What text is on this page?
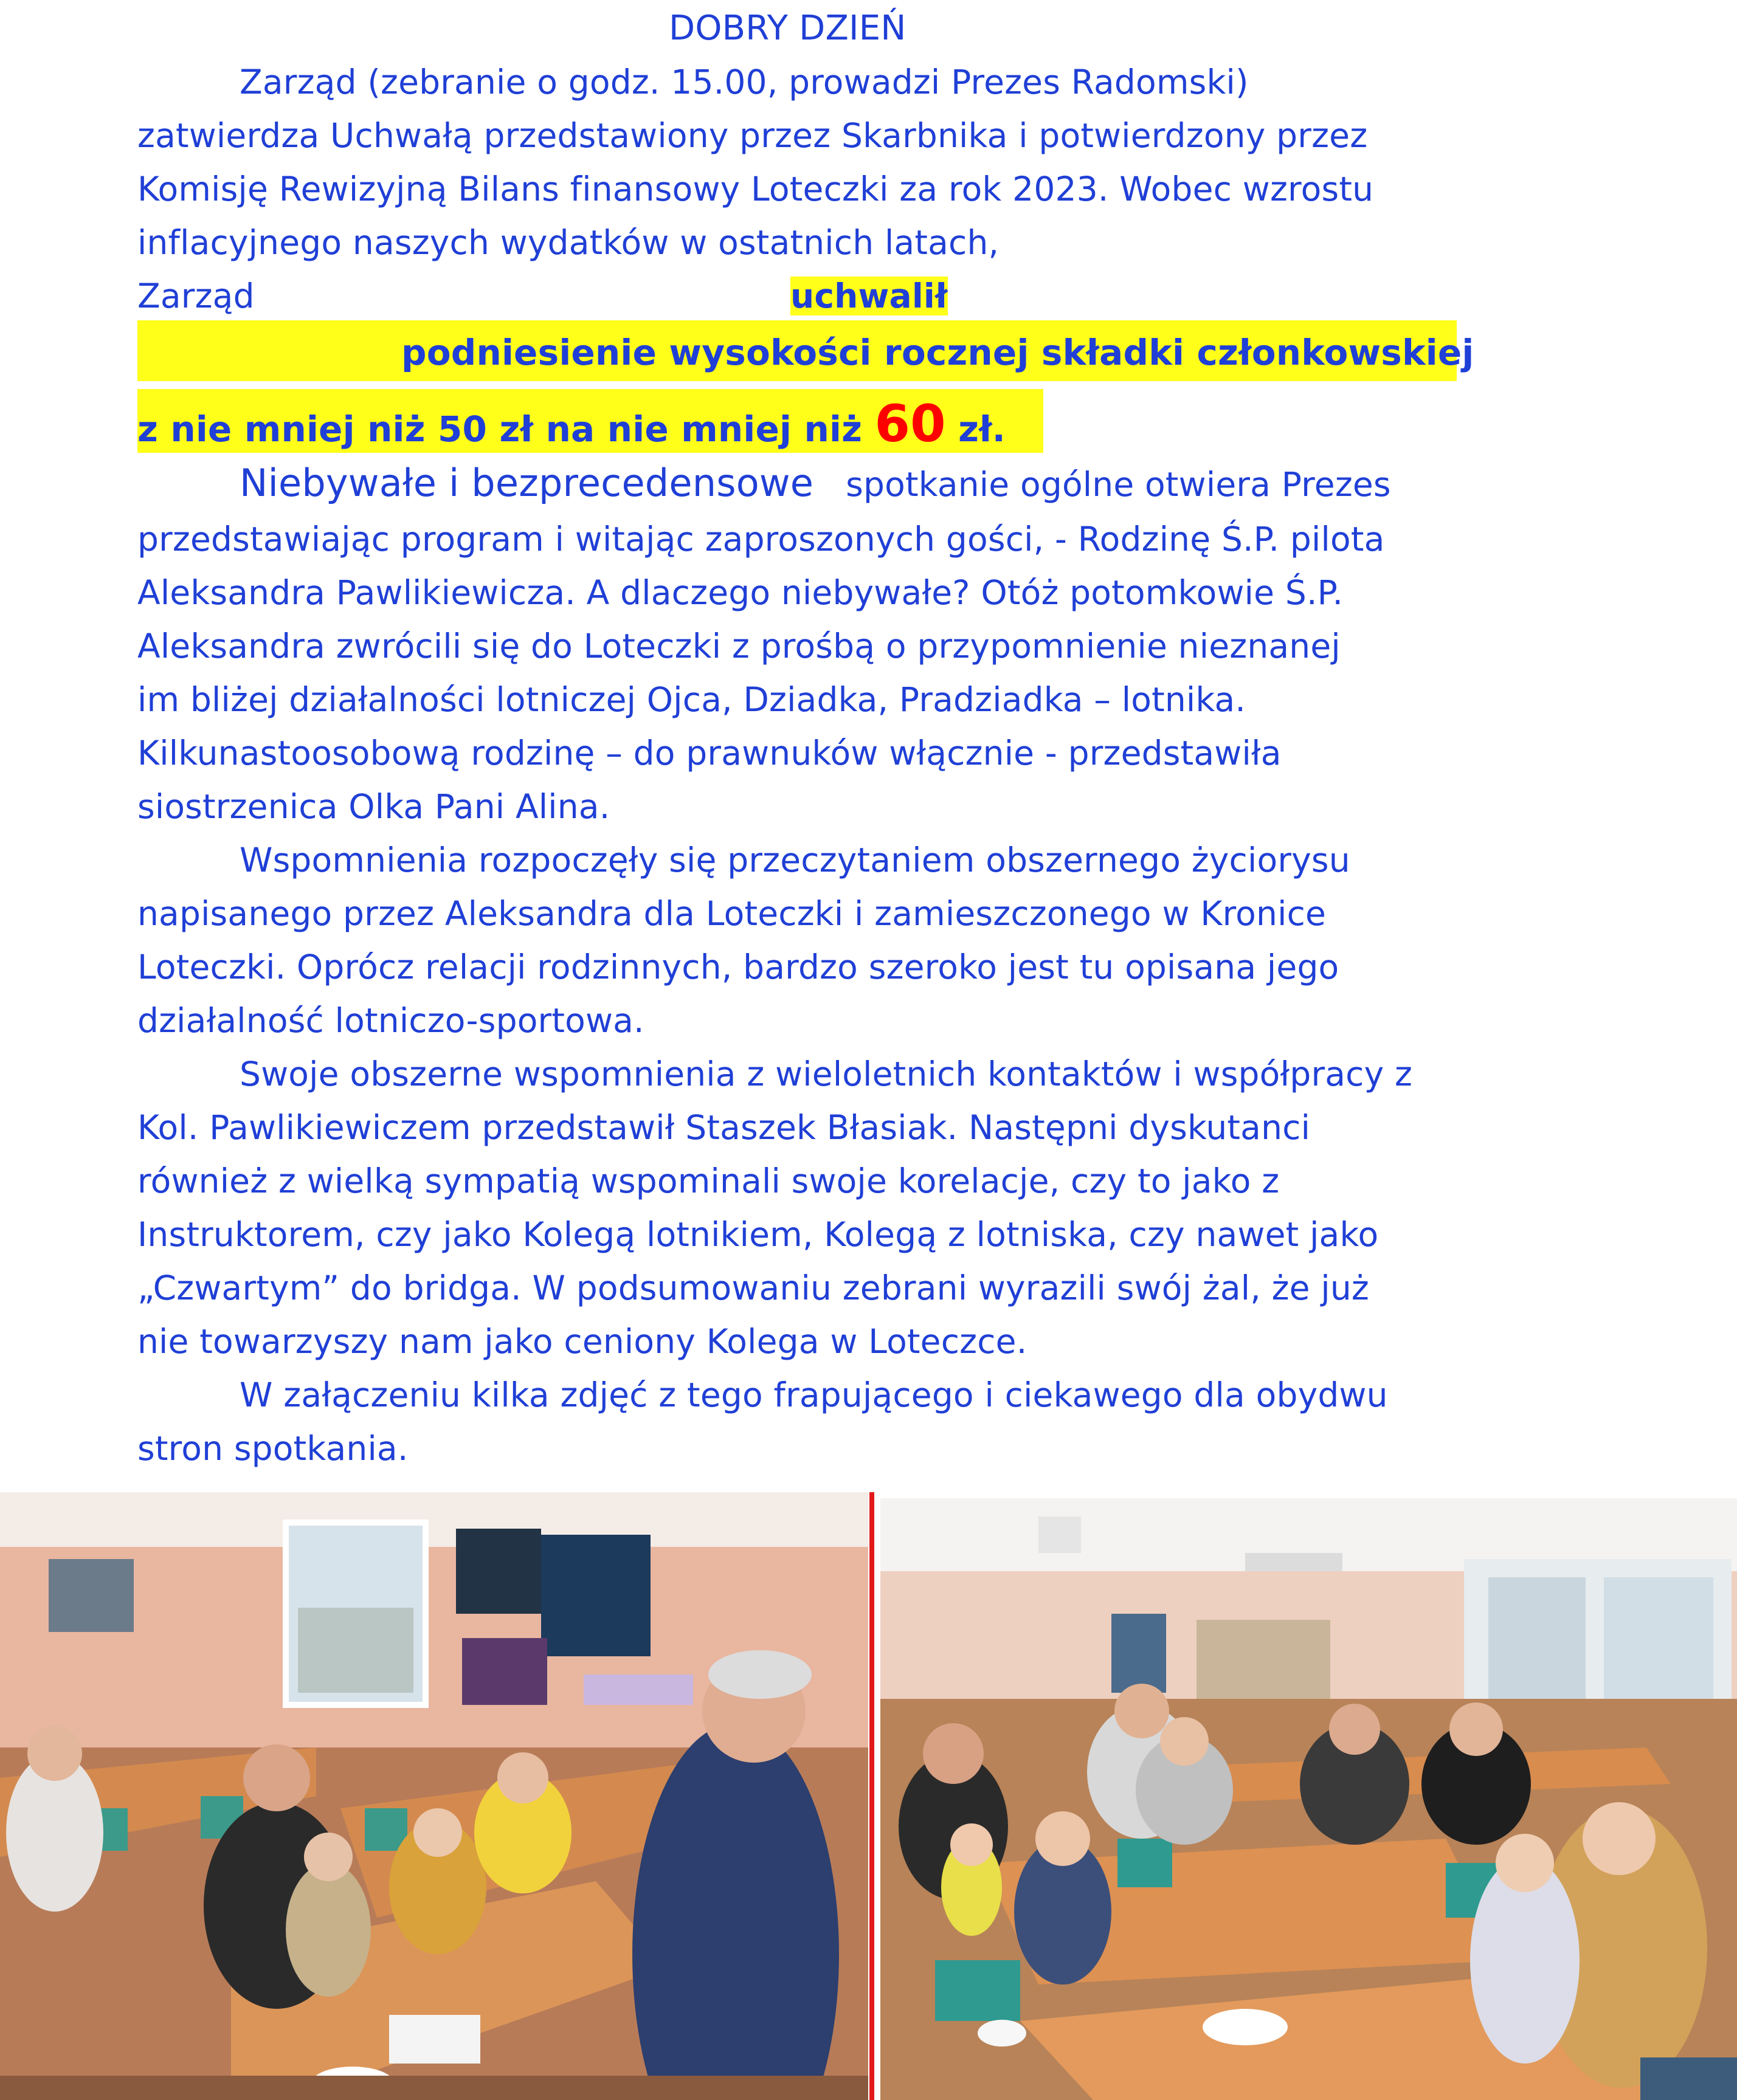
DOBRY DZIEŃ
Zarząd (zebranie o godz. 15.00, prowadzi Prezes Radomski)
zatwierdza Uchwałą przedstawiony przez Skarbnika i potwierdzony przez
Komisję Rewizyjną Bilans finansowy Loteczki za rok 2023. Wobec wzrostu
inflacyjnego naszych wydatków w ostatnich latach,
Zarząd	uchwalił
podniesienie wysokości rocznej składki członkowskiej
z nie mniej niż 50 zł na nie mniej niż 60 zł.
Niebywałe i bezprecedensowe spotkanie ogólne otwiera Prezes
przedstawiając program i witając zaproszonych gości, - Rodzinę Ś.P. pilota
Aleksandra Pawlikiewicza. A dlaczego niebywałe? Otóż potomkowie Ś.P.
Aleksandra zwrócili się do Loteczki z prośbą o przypomnienie nieznanej
im bliżej działalności lotniczej Ojca, Dziadka, Pradziadka – lotnika.
Kilkunastoosobową rodzinę – do prawnuków włącznie - przedstawiła
siostrzenica Olka Pani Alina.
Wspomnienia rozpoczęły się przeczytaniem obszernego życiorysu
napisanego przez Aleksandra dla Loteczki i zamieszczonego w Kronice
Loteczki. Oprócz relacji rodzinnych, bardzo szeroko jest tu opisana jego
działalność lotniczo-sportowa.
Swoje obszerne wspomnienia z wieloletnich kontaktów i współpracy z
Kol. Pawlikiewiczem przedstawił Staszek Błasiak. Następni dyskutanci
również z wielką sympatią wspominali swoje korelacje, czy to jako z
Instruktorem, czy jako Kolegą lotnikiem, Kolegą z lotniska, czy nawet jako
„Czwartym” do bridga. W podsumowaniu zebrani wyrazili swój żal, że już
nie towarzyszy nam jako ceniony Kolega w Loteczce.
W załączeniu kilka zdjęć z tego frapującego i ciekawego dla obydwu
stron spotkania.
